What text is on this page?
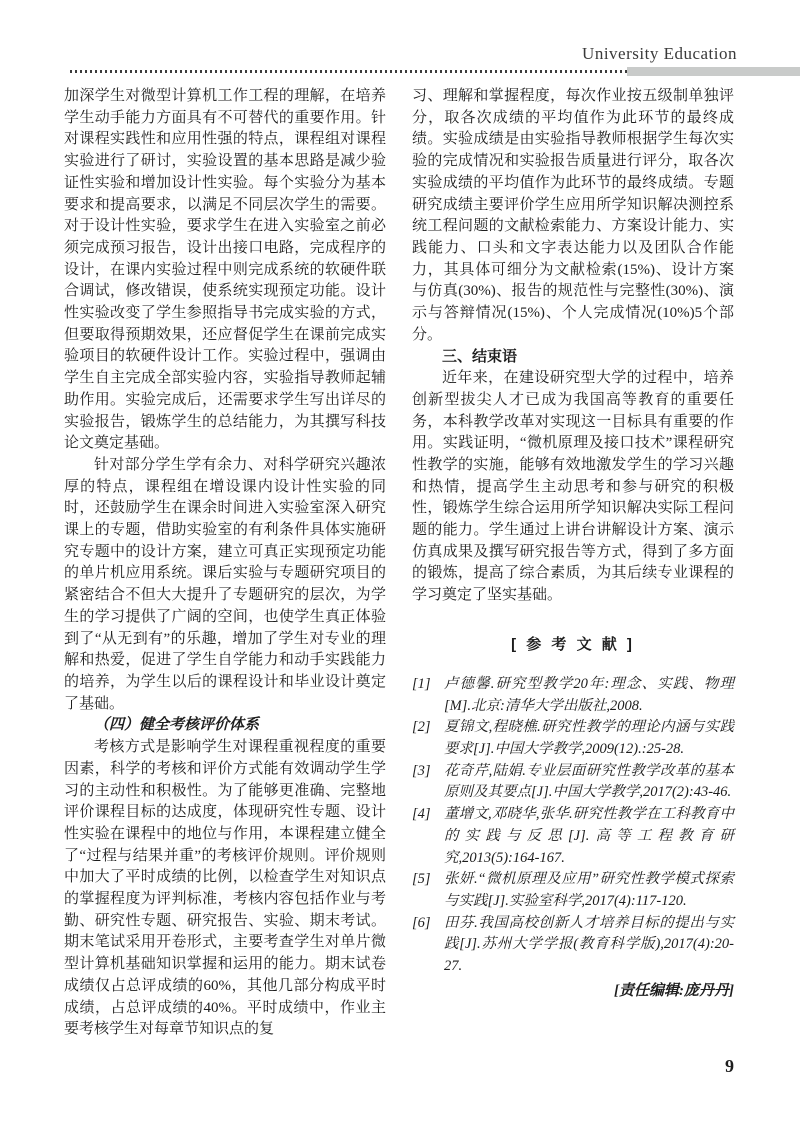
University Education

加深学生对微型计算机工作工程的理解，在培养学生动手能力方面具有不可替代的重要作用。针对课程实践性和应用性强的特点，课程组对课程实验进行了研讨，实验设置的基本思路是减少验证性实验和增加设计性实验。每个实验分为基本要求和提高要求，以满足不同层次学生的需要。对于设计性实验，要求学生在进入实验室之前必须完成预习报告，设计出接口电路，完成程序的设计，在课内实验过程中则完成系统的软硬件联合调试，修改错误，使系统实现预定功能。设计性实验改变了学生参照指导书完成实验的方式，但要取得预期效果，还应督促学生在课前完成实验项目的软硬件设计工作。实验过程中，强调由学生自主完成全部实验内容，实验指导教师起辅助作用。实验完成后，还需要求学生写出详尽的实验报告，锻炼学生的总结能力，为其撰写科技论文奠定基础。

针对部分学生学有余力、对科学研究兴趣浓厚的特点，课程组在增设课内设计性实验的同时，还鼓励学生在课余时间进入实验室深入研究课上的专题，借助实验室的有利条件具体实施研究专题中的设计方案，建立可真正实现预定功能的单片机应用系统。课后实验与专题研究项目的紧密结合不但大大提升了专题研究的层次，为学生的学习提供了广阔的空间，也使学生真正体验到了“从无到有”的乐趣，增加了学生对专业的理解和热爱，促进了学生自学能力和动手实践能力的培养，为学生以后的课程设计和毕业设计奠定了基础。

（四）健全考核评价体系

考核方式是影响学生对课程重视程度的重要因素，科学的考核和评价方式能有效调动学生学习的主动性和积极性。为了能够更准确、完整地评价课程目标的达成度，体现研究性专题、设计性实验在课程中的地位与作用，本课程建立健全了“过程与结果并重”的考核评价规则。评价规则中加大了平时成绩的比例，以检查学生对知识点的掌握程度为评判标准，考核内容包括作业与考勤、研究性专题、研究报告、实验、期末考试。期末笔试采用开卷形式，主要考查学生对单片微型计算机基础知识掌握和运用的能力。期末试卷成绩仅占总评成绩的60%，其他几部分构成平时成绩，占总评成绩的40%。平时成绩中，作业主要考核学生对每章节知识点的复

习、理解和掌握程度，每次作业按五级制单独评分，取各次成绩的平均值作为此环节的最终成绩。实验成绩是由实验指导教师根据学生每次实验的完成情况和实验报告质量进行评分，取各次实验成绩的平均值作为此环节的最终成绩。专题研究成绩主要评价学生应用所学知识解决测控系统工程问题的文献检索能力、方案设计能力、实践能力、口头和文字表达能力以及团队合作能力，其具体可细分为文献检索(15%)、设计方案与仿真(30%)、报告的规范性与完整性(30%)、演示与答辩情况(15%)、个人完成情况(10%)5个部分。

三、结束语

近年来，在建设研究型大学的过程中，培养创新型拔尖人才已成为我国高等教育的重要任务，本科教学改革对实现这一目标具有重要的作用。实践证明，“微机原理及接口技术”课程研究性教学的实施，能够有效地激发学生的学习兴趣和热情，提高学生主动思考和参与研究的积极性，锻炼学生综合运用所学知识解决实际工程问题的能力。学生通过上讲台讲解设计方案、演示仿真成果及撰写研究报告等方式，得到了多方面的锻炼，提高了综合素质，为其后续专业课程的学习奠定了坚实基础。

[ 参 考 文 献 ]
[1] 卢德馨.研究型教学20年:理念、实践、物理[M].北京:清华大学出版社,2008.
[2] 夏锦文,程晓樵.研究性教学的理论内涵与实践要求[J].中国大学教学,2009(12).:25-28.
[3] 花奇芹,陆娟.专业层面研究性教学改革的基本原则及其要点[J].中国大学教学,2017(2):43-46.
[4] 董增文,邓晓华,张华.研究性教学在工科教育中的实践与反思[J].高等工程教育研究,2013(5):164-167.
[5] 张妍.“微机原理及应用”研究性教学模式探索与实践[J].实验室科学,2017(4):117-120.
[6] 田芬.我国高校创新人才培养目标的提出与实践[J].苏州大学学报(教育科学版),2017(4):20-27.
[责任编辑:庞丹丹]
9
